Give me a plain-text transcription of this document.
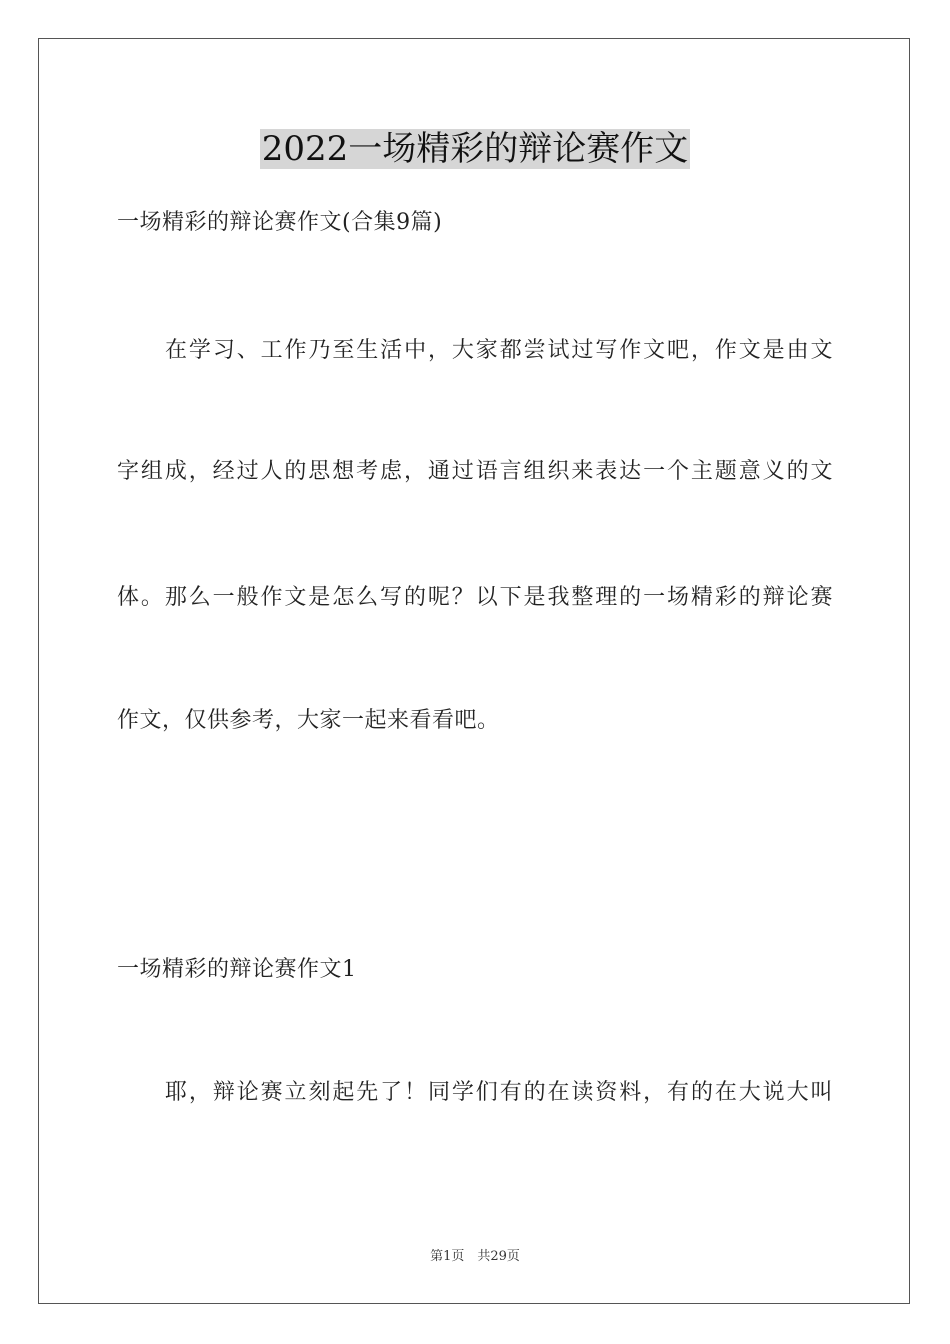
2022一场精彩的辩论赛作文
一场精彩的辩论赛作文(合集9篇)
在学习、工作乃至生活中，大家都尝试过写作文吧，作文是由文
字组成，经过人的思想考虑，通过语言组织来表达一个主题意义的文
体。那么一般作文是怎么写的呢？以下是我整理的一场精彩的辩论赛
作文，仅供参考，大家一起来看看吧。
一场精彩的辩论赛作文1
耶，辩论赛立刻起先了！同学们有的在读资料，有的在大说大叫
第1页　共29页
